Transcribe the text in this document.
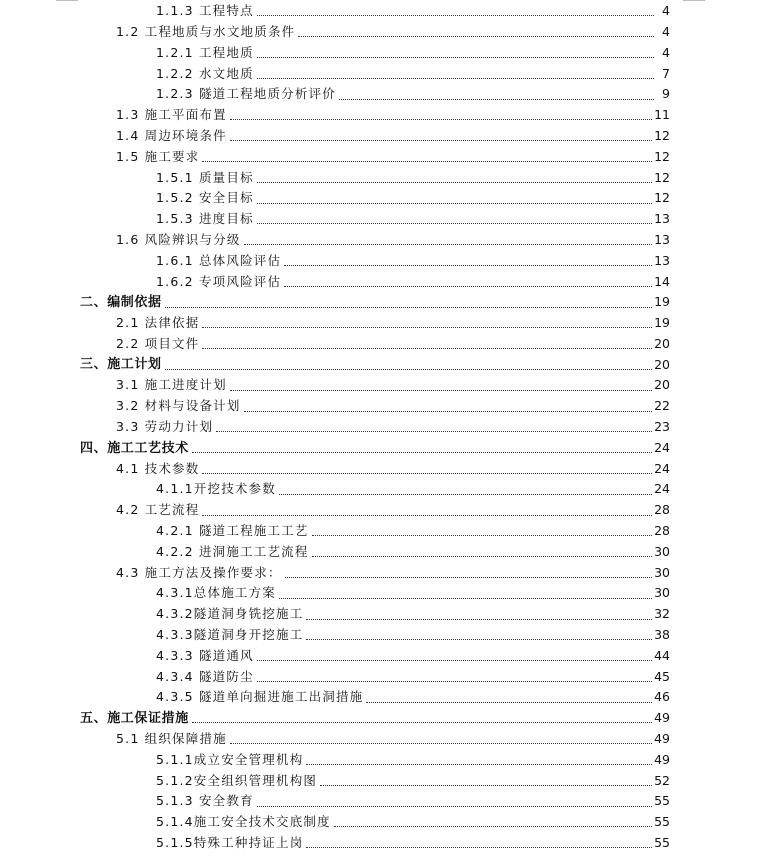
1.1.3 工程特点	4
1.2 工程地质与水文地质条件	4
1.2.1 工程地质	4
1.2.2 水文地质	7
1.2.3 隧道工程地质分析评价	9
1.3 施工平面布置	11
1.4 周边环境条件	12
1.5 施工要求	12
1.5.1 质量目标	12
1.5.2 安全目标	12
1.5.3 进度目标	13
1.6 风险辨识与分级	13
1.6.1 总体风险评估	13
1.6.2 专项风险评估	14
二、编制依据	19
2.1 法律依据	19
2.2 项目文件	20
三、施工计划	20
3.1 施工进度计划	20
3.2 材料与设备计划	22
3.3 劳动力计划	23
四、施工工艺技术	24
4.1 技术参数	24
4.1.1开挖技术参数	24
4.2 工艺流程	28
4.2.1 隧道工程施工工艺	28
4.2.2 进洞施工工艺流程	30
4.3 施工方法及操作要求：	30
4.3.1总体施工方案	30
4.3.2隧道洞身铣挖施工	32
4.3.3隧道洞身开挖施工	38
4.3.3 隧道通风	44
4.3.4 隧道防尘	45
4.3.5 隧道单向掘进施工出洞措施	46
五、施工保证措施	49
5.1 组织保障措施	49
5.1.1成立安全管理机构	49
5.1.2安全组织管理机构图	52
5.1.3 安全教育	55
5.1.4施工安全技术交底制度	55
5.1.5特殊工种持证上岗	55
